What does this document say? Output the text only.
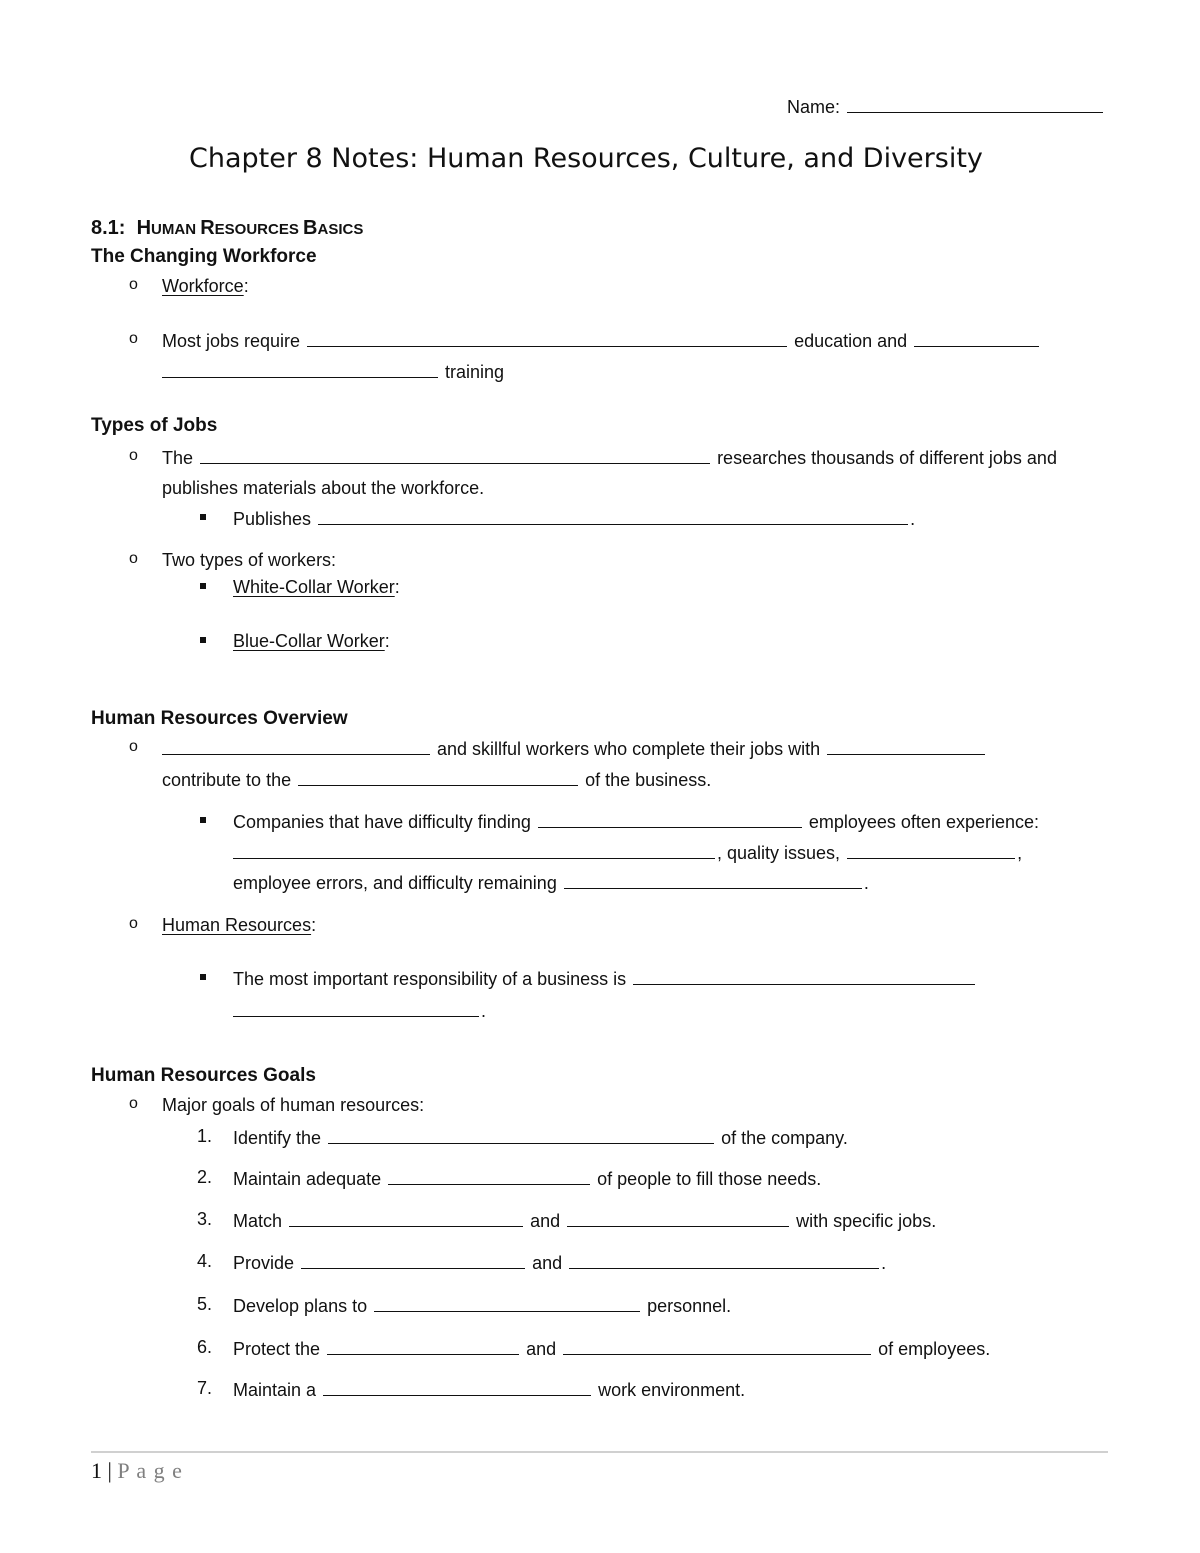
Name:
Chapter 8 Notes: Human Resources, Culture, and Diversity
8.1: HUMAN RESOURCES BASICS
The Changing Workforce
o Workforce:
o Most jobs require	education and
training
Types of Jobs
o The	researches thousands of different jobs and
publishes materials about the workforce.
Publishes	.
o Two types of workers:
White-Collar Worker:
Blue-Collar Worker:
Human Resources Overview
o	and skillful workers who complete their jobs with
contribute to the	of the business.
Companies that have difficulty finding	employees often experience:
, quality issues,	,
employee errors, and difficulty remaining	.
o Human Resources:
The most important responsibility of a business is
.
Human Resources Goals
o Major goals of human resources:
1. Identify the	of the company.
2. Maintain adequate	of people to fill those needs.
3. Match	and	with specific jobs.
4. Provide	and	.
5. Develop plans to	personnel.
6. Protect the	and	of employees.
7. Maintain a	work environment.
1 | P a g e
